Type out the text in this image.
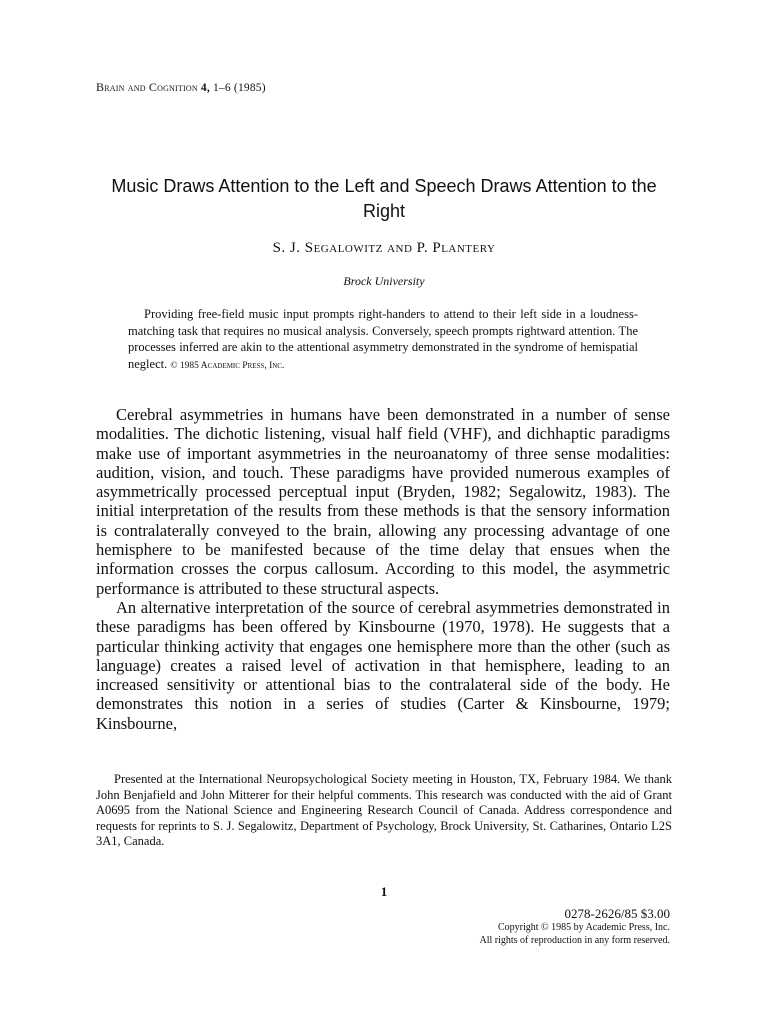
Brain and Cognition 4, 1–6 (1985)
Music Draws Attention to the Left and Speech Draws Attention to the Right
S. J. Segalowitz and P. Plantery
Brock University
Providing free-field music input prompts right-handers to attend to their left side in a loudness-matching task that requires no musical analysis. Conversely, speech prompts rightward attention. The processes inferred are akin to the attentional asymmetry demonstrated in the syndrome of hemispatial neglect. © 1985 Academic Press, Inc.

Cerebral asymmetries in humans have been demonstrated in a number of sense modalities. The dichotic listening, visual half field (VHF), and dichhaptic paradigms make use of important asymmetries in the neuroanatomy of three sense modalities: audition, vision, and touch. These paradigms have provided numerous examples of asymmetrically processed perceptual input (Bryden, 1982; Segalowitz, 1983). The initial interpretation of the results from these methods is that the sensory information is contralaterally conveyed to the brain, allowing any processing advantage of one hemisphere to be manifested because of the time delay that ensues when the information crosses the corpus callosum. According to this model, the asymmetric performance is attributed to these structural aspects.

An alternative interpretation of the source of cerebral asymmetries demonstrated in these paradigms has been offered by Kinsbourne (1970, 1978). He suggests that a particular thinking activity that engages one hemisphere more than the other (such as language) creates a raised level of activation in that hemisphere, leading to an increased sensitivity or attentional bias to the contralateral side of the body. He demonstrates this notion in a series of studies (Carter & Kinsbourne, 1979; Kinsbourne,

Presented at the International Neuropsychological Society meeting in Houston, TX, February 1984. We thank John Benjafield and John Mitterer for their helpful comments. This research was conducted with the aid of Grant A0695 from the National Science and Engineering Research Council of Canada. Address correspondence and requests for reprints to S. J. Segalowitz, Department of Psychology, Brock University, St. Catharines, Ontario L2S 3A1, Canada.

1
0278-2626/85 $3.00
Copyright © 1985 by Academic Press, Inc.
All rights of reproduction in any form reserved.
